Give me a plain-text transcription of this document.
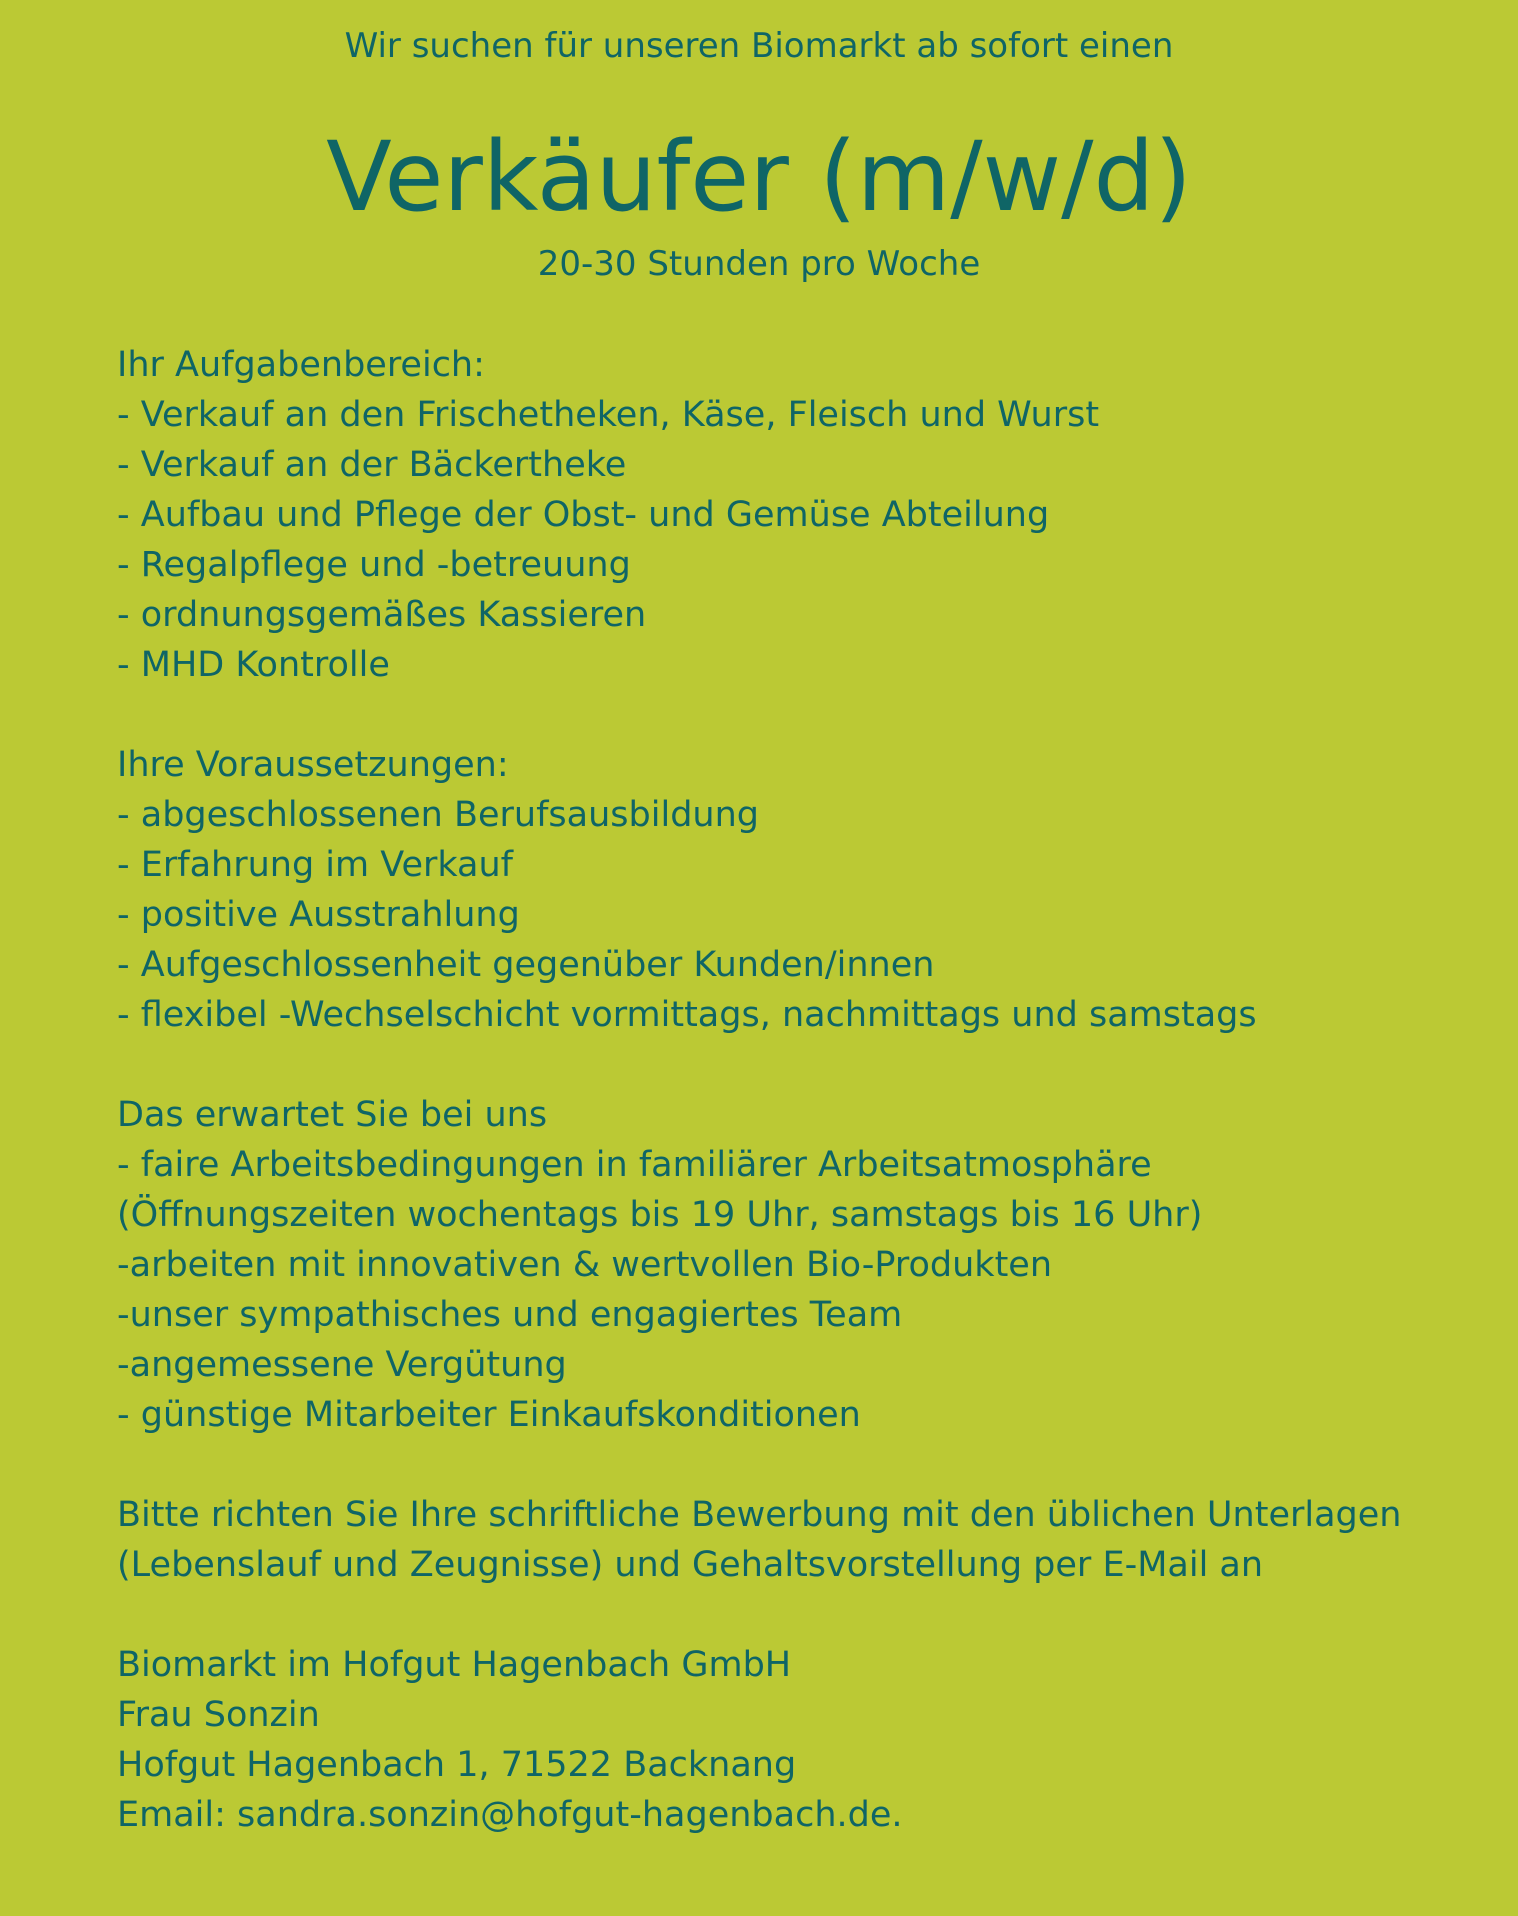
Wir suchen für unseren Biomarkt ab sofort einen
Verkäufer (m/w/d)
20-30 Stunden pro Woche
Ihr Aufgabenbereich:
- Verkauf an den Frischetheken, Käse, Fleisch und Wurst
- Verkauf an der Bäckertheke
- Aufbau und Pflege der Obst- und Gemüse Abteilung
- Regalpflege und -betreuung
- ordnungsgemäßes Kassieren
- MHD Kontrolle
Ihre Voraussetzungen:
- abgeschlossenen Berufsausbildung
- Erfahrung im Verkauf
- positive Ausstrahlung
- Aufgeschlossenheit gegenüber Kunden/innen
- flexibel -Wechselschicht vormittags, nachmittags und samstags
Das erwartet Sie bei uns
- faire Arbeitsbedingungen in familiärer Arbeitsatmosphäre
(Öffnungszeiten wochentags bis 19 Uhr, samstags bis 16 Uhr)
-arbeiten mit innovativen & wertvollen Bio-Produkten
-unser sympathisches und engagiertes Team
-angemessene Vergütung
- günstige Mitarbeiter Einkaufskonditionen
Bitte richten Sie Ihre schriftliche Bewerbung mit den üblichen Unterlagen
(Lebenslauf und Zeugnisse) und Gehaltsvorstellung per E-Mail an
Biomarkt im Hofgut Hagenbach GmbH
Frau Sonzin
Hofgut Hagenbach 1, 71522 Backnang
Email: sandra.sonzin@hofgut-hagenbach.de.
